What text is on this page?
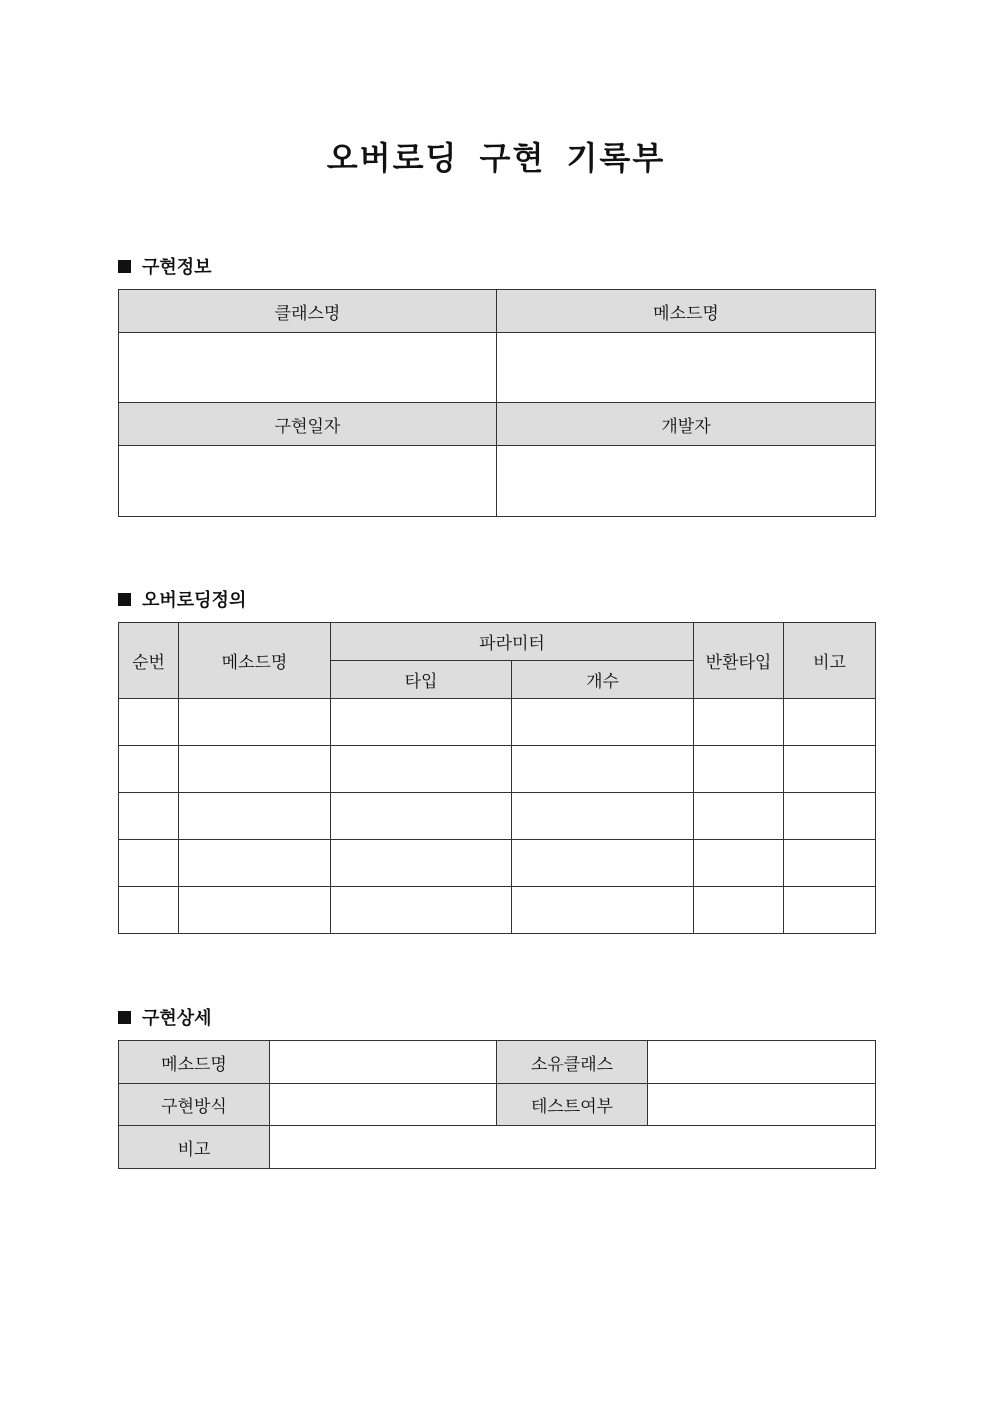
오버로딩 구현 기록부
구현정보
클래스명	메소드명

구현일자	개발자

오버로딩정의
순번	메소드명	파라미터		반환타입	비고
		타입	개수		

구현상세
메소드명		소유클래스	
구현방식		테스트여부	
비고			
